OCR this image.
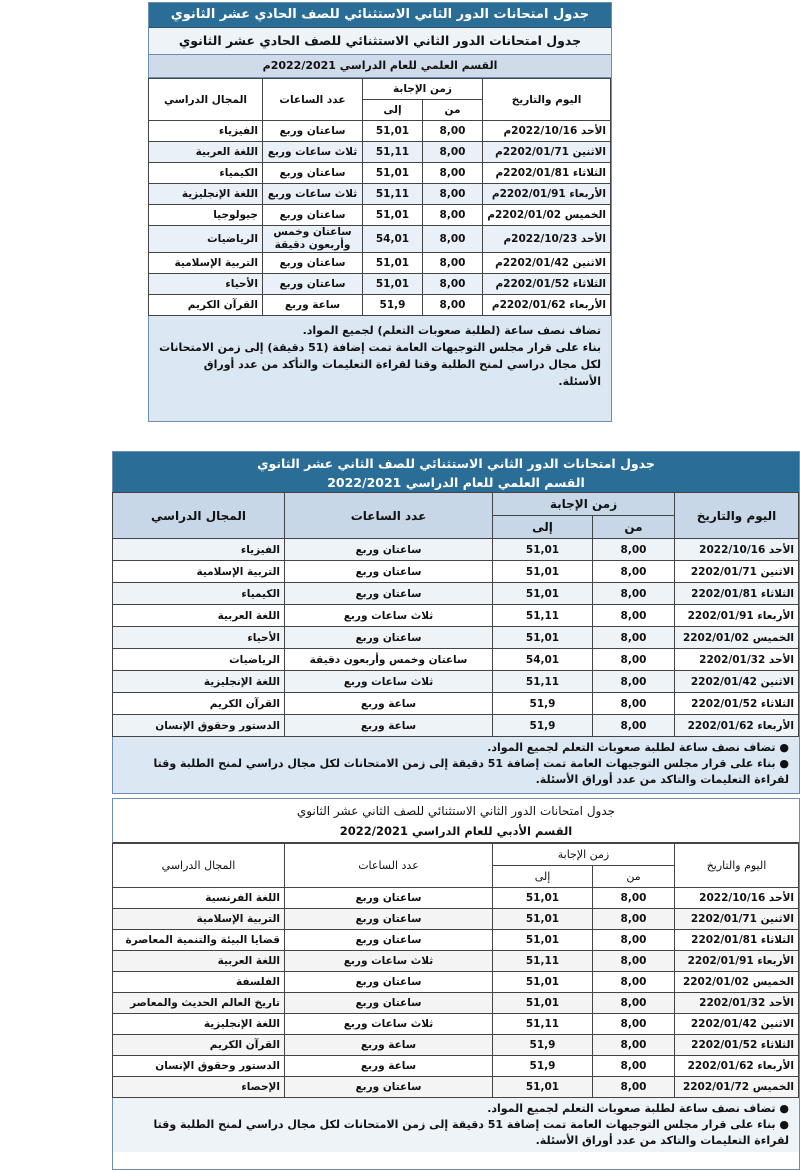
جدول امتحانات الدور الثاني الاستثنائي للصف الحادي عشر الثانوي
جدول امتحانات الدور الثاني الاستثنائي للصف الحادي عشر الثانوي
القسم العلمي للعام الدراسي 2022/2021م
اليوم والتاريخ	زمن الإجابة		عدد الساعات	المجال الدراسي
	من	إلى		
الأحد 2022/10/16م	8,00	51,01	ساعتان وربع	الفيزياء
الاثنين 2202/01/71م	8,00	51,11	ثلاث ساعات وربع	اللغة العربية
الثلاثاء 2202/01/81م	8,00	51,01	ساعتان وربع	الكيمياء
الأربعاء 2202/01/91م	8,00	51,11	ثلاث ساعات وربع	اللغة الإنجليزية
الخميس 2202/01/02م	8,00	51,01	ساعتان وربع	جيولوجيا
الأحد 2022/10/23م	8,00	54,01	ساعتان وخمس وأربعون دقيقة	الرياضيات
الاثنين 2202/01/42م	8,00	51,01	ساعتان وربع	التربية الإسلامية
الثلاثاء 2202/01/52م	8,00	51,01	ساعتان وربع	الأحياء
الأربعاء 2202/01/62م	8,00	51,9	ساعة وربع	القرآن الكريم
تضاف نصف ساعة (لطلبة صعوبات التعلم) لجميع المواد.
بناء على قرار مجلس التوجيهات العامة تمت إضافة (51 دقيقة) إلى زمن الامتحانات لكل مجال دراسي لمنح الطلبة وقتا لقراءة التعليمات والتأكد من عدد أوراق الأسئلة.
جدول امتحانات الدور الثاني الاستثنائي للصف الثاني عشر الثانوي
القسم العلمي للعام الدراسي 2022/2021
اليوم والتاريخ	زمن الإجابة		عدد الساعات	المجال الدراسي
	من	إلى		
الأحد 2022/10/16	8,00	51,01	ساعتان وربع	الفيزياء
الاثنين 2202/01/71	8,00	51,01	ساعتان وربع	التربية الإسلامية
الثلاثاء 2202/01/81	8,00	51,01	ساعتان وربع	الكيمياء
الأربعاء 2202/01/91	8,00	51,11	ثلاث ساعات وربع	اللغة العربية
الخميس 2202/01/02	8,00	51,01	ساعتان وربع	الأحياء
الأحد 2202/01/32	8,00	54,01	ساعتان وخمس وأربعون دقيقة	الرياضيات
الاثنين 2202/01/42	8,00	51,11	ثلاث ساعات وربع	اللغة الإنجليزية
الثلاثاء 2202/01/52	8,00	51,9	ساعة وربع	القرآن الكريم
الأربعاء 2202/01/62	8,00	51,9	ساعة وربع	الدستور وحقوق الإنسان
● تضاف نصف ساعة لطلبة صعوبات التعلم لجميع المواد.
● بناء على قرار مجلس التوجيهات العامة تمت إضافة 51 دقيقة إلى زمن الامتحانات لكل مجال دراسي لمنح الطلبة وقتا لقراءة التعليمات والتاكد من عدد أوراق الأسئلة.
جدول امتحانات الدور الثاني الاستثنائي للصف الثاني عشر الثانوي
القسم الأدبي للعام الدراسي 2022/2021
اليوم والتاريخ	زمن الإجابة		عدد الساعات	المجال الدراسي
	من	إلى		
الأحد 2022/10/16	8,00	51,01	ساعتان وربع	اللغة الفرنسية
الاثنين 2202/01/71	8,00	51,01	ساعتان وربع	التربية الإسلامية
الثلاثاء 2202/01/81	8,00	51,01	ساعتان وربع	قضايا البيئة والتنمية المعاصرة
الأربعاء 2202/01/91	8,00	51,11	ثلاث ساعات وربع	اللغة العربية
الخميس 2202/01/02	8,00	51,01	ساعتان وربع	الفلسفة
الأحد 2202/01/32	8,00	51,01	ساعتان وربع	تاريخ العالم الحديث والمعاصر
الاثنين 2202/01/42	8,00	51,11	ثلاث ساعات وربع	اللغة الإنجليزية
الثلاثاء 2202/01/52	8,00	51,9	ساعة وربع	القرآن الكريم
الأربعاء 2202/01/62	8,00	51,9	ساعة وربع	الدستور وحقوق الإنسان
الخميس 2202/01/72	8,00	51,01	ساعتان وربع	الإحصاء
● تضاف نصف ساعة لطلبة صعوبات التعلم لجميع المواد.
● بناء على قرار مجلس التوجيهات العامة تمت إضافة 51 دقيقة إلى زمن الامتحانات لكل مجال دراسي لمنح الطلبة وقتا لقراءة التعليمات والتاكد من عدد أوراق الأسئلة.
